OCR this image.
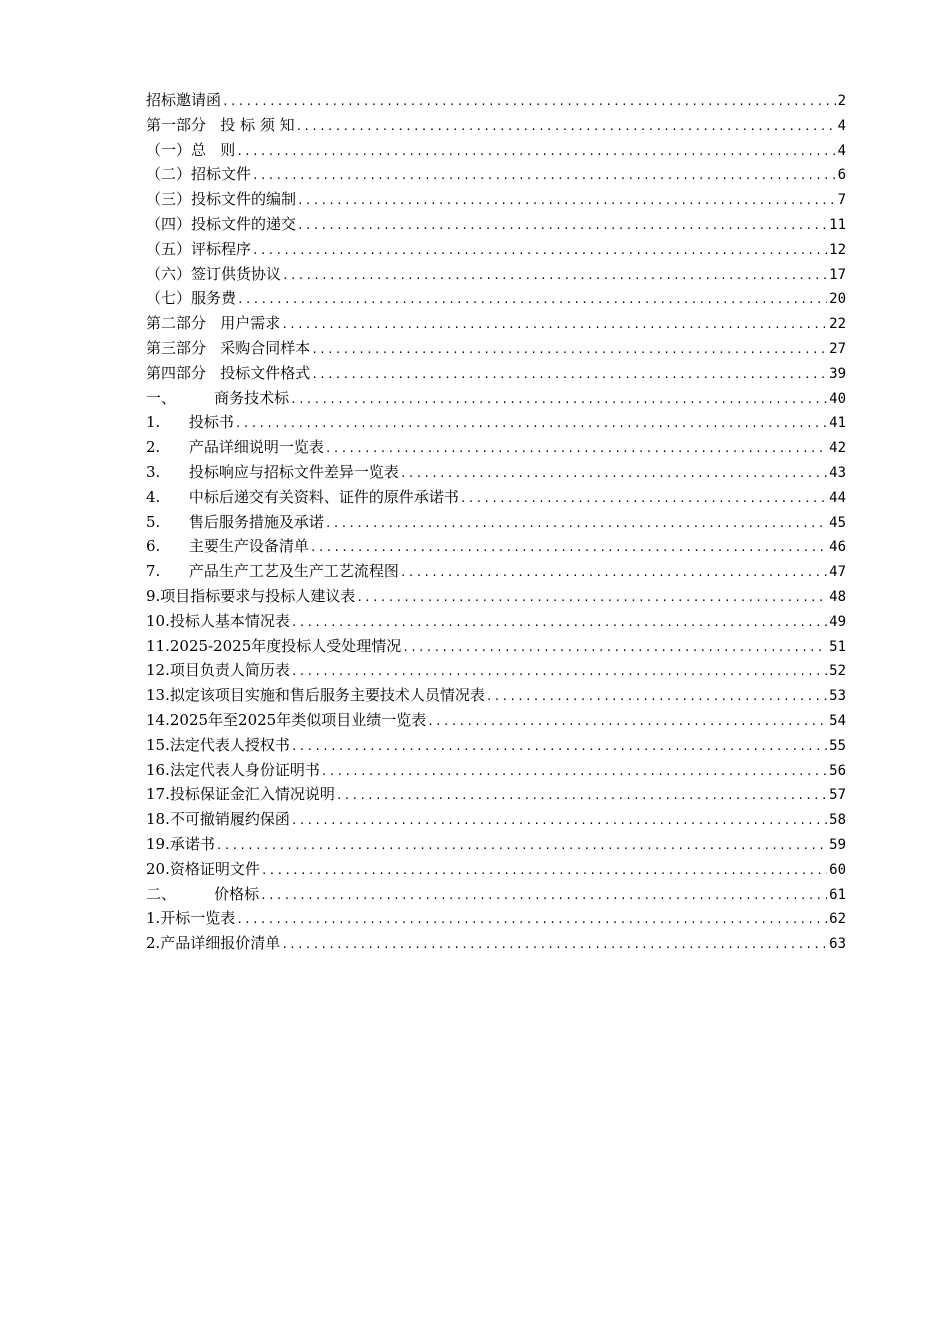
招标邀请函 .....	2
第一部分   投 标 须 知 .....	4
（一）总   则 .....	4
（二）招标文件 .....	6
（三）投标文件的编制 .....	7
（四）投标文件的递交 .....	11
（五）评标程序 .....	12
（六）签订供货协议 .....	17
（七）服务费 .....	20
第二部分   用户需求 .....	22
第三部分   采购合同样本 .....	27
第四部分   投标文件格式 .....	39
一、        商务技术标 .....	40
1.      投标书 .....	41
2.      产品详细说明一览表 .....	42
3.      投标响应与招标文件差异一览表 .....	43
4.      中标后递交有关资料、证件的原件承诺书 .....	44
5.      售后服务措施及承诺 .....	45
6.      主要生产设备清单 .....	46
7.      产品生产工艺及生产工艺流程图 .....	47
9.项目指标要求与投标人建议表 .....	48
10.投标人基本情况表 .....	49
11.2025-2025年度投标人受处理情况 .....	51
12.项目负责人简历表 .....	52
13.拟定该项目实施和售后服务主要技术人员情况表 .....	53
14.2025年至2025年类似项目业绩一览表 .....	54
15.法定代表人授权书 .....	55
16.法定代表人身份证明书 .....	56
17.投标保证金汇入情况说明 .....	57
18.不可撤销履约保函 .....	58
19.承诺书 .....	59
20.资格证明文件 .....	60
二、        价格标 .....	61
1.开标一览表 .....	62
2.产品详细报价清单 .....	63
